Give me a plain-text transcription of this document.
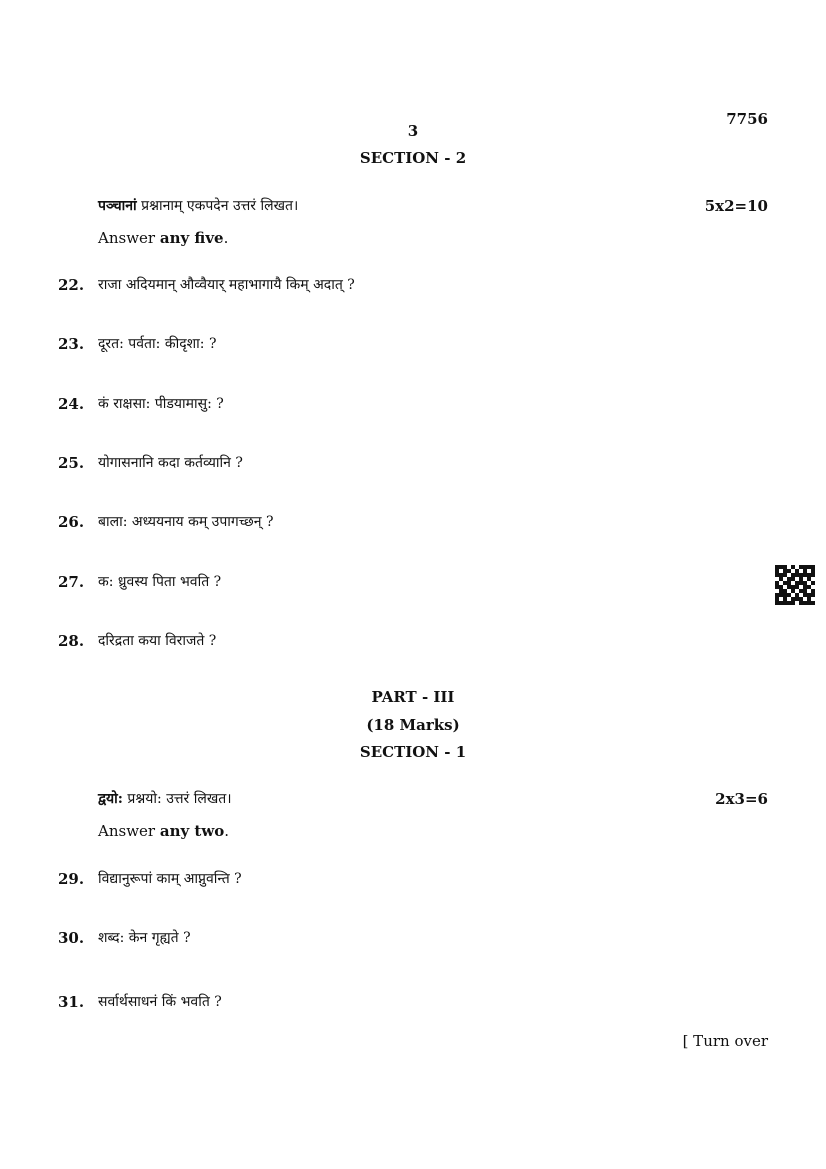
7756
3
SECTION - 2
पञ्चानां प्रश्नानाम् एकपदेन उत्तरं लिखत।	5x2=10
Answer any five.
22. राजा अदियमान् औव्वैयार् महाभागायै किम् अदात् ?
23. दूरत: पर्वता: कीदृशा: ?
24. कं राक्षसा: पीडयामासु: ?
25. योगासनानि कदा कर्तव्यानि ?
26. बाला: अध्ययनाय कम् उपागच्छन् ?
27. क: ध्रुवस्य पिता भवति ?
28. दरिद्रता कया विराजते ?
PART - III
(18 Marks)
SECTION - 1
द्वयो: प्रश्नयो: उत्तरं लिखत।	2x3=6
Answer any two.
29. विद्यानुरूपां काम् आप्नुवन्ति ?
30. शब्द: केन गृह्यते ?
31. सर्वार्थसाधनं किं भवति ?
[ Turn over
